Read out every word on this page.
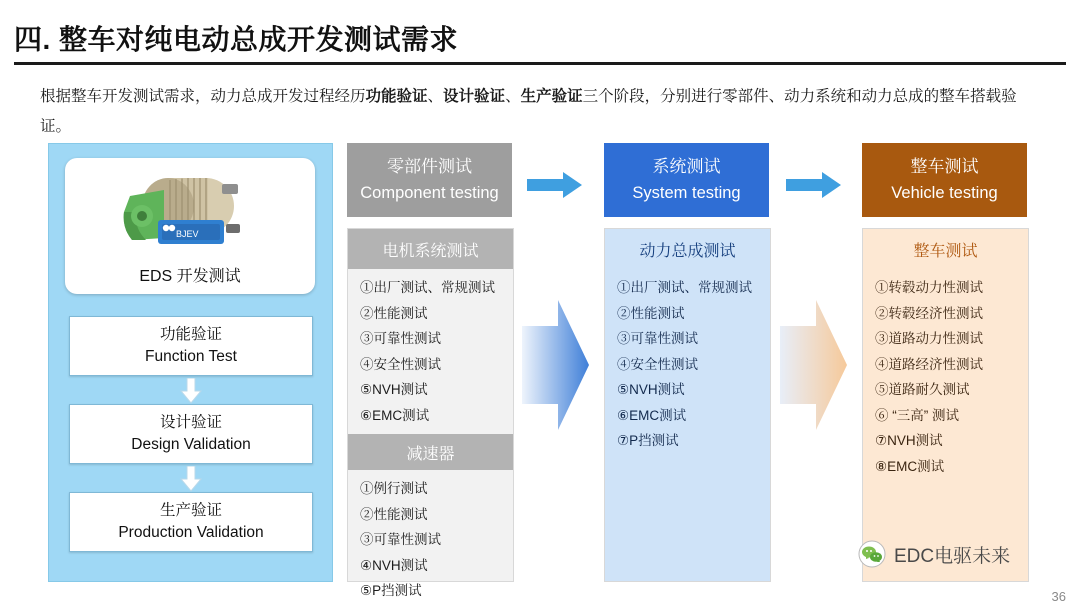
四. 整车对纯电动总成开发测试需求
根据整车开发测试需求，动力总成开发过程经历功能验证、设计验证、生产验证三个阶段，分别进行零部件、动力系统和动力总成的整车搭载验证。
BJEV
EDS 开发测试
功能验证
Function Test
设计验证
Design Validation
生产验证
Production Validation
零部件测试
Component testing
系统测试
System testing
整车测试
Vehicle testing
电机系统测试
①出厂测试、常规测试
②性能测试
③可靠性测试
④安全性测试
⑤NVH测试
⑥EMC测试
减速器
①例行测试
②性能测试
③可靠性测试
④NVH测试
⑤P挡测试
动力总成测试
①出厂测试、常规测试
②性能测试
③可靠性测试
④安全性测试
⑤NVH测试
⑥EMC测试
⑦P挡测试
整车测试
①转毂动力性测试
②转毂经济性测试
③道路动力性测试
④道路经济性测试
⑤道路耐久测试
⑥ “三高” 测试
⑦NVH测试
⑧EMC测试
EDC电驱未来
36
